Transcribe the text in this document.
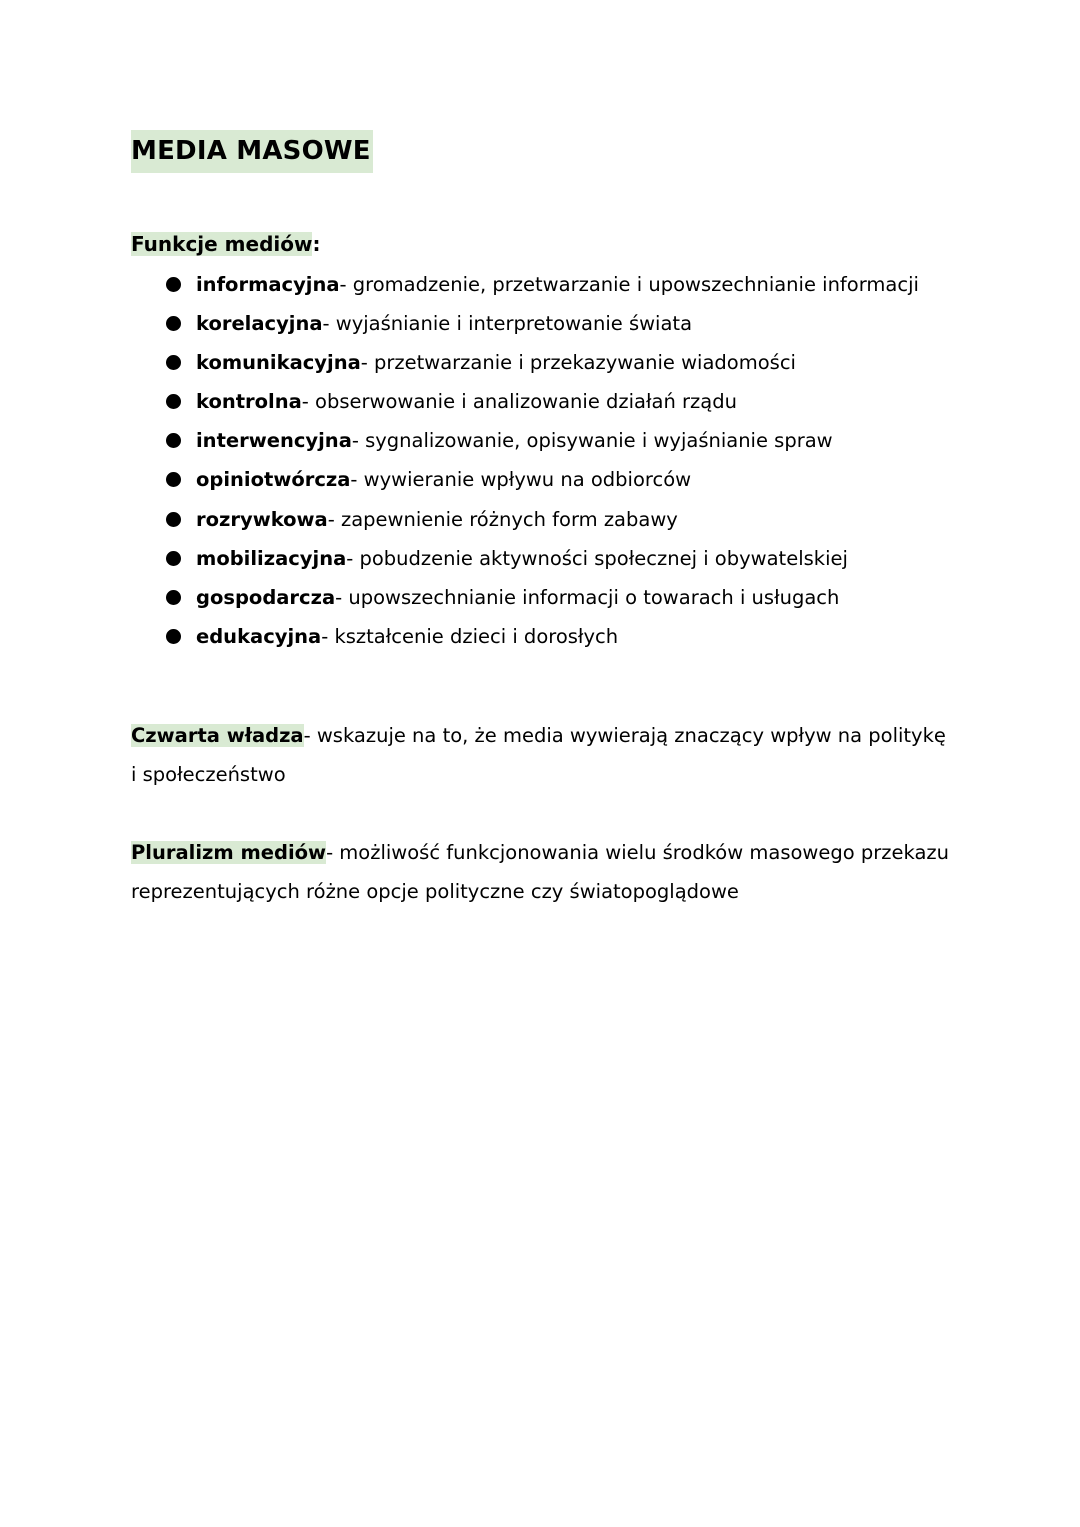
MEDIA MASOWE
Funkcje mediów:
informacyjna- gromadzenie, przetwarzanie i upowszechnianie informacji
korelacyjna- wyjaśnianie i interpretowanie świata
komunikacyjna- przetwarzanie i przekazywanie wiadomości
kontrolna- obserwowanie i analizowanie działań rządu
interwencyjna- sygnalizowanie, opisywanie i wyjaśnianie spraw
opiniotwórcza- wywieranie wpływu na odbiorców
rozrywkowa- zapewnienie różnych form zabawy
mobilizacyjna- pobudzenie aktywności społecznej i obywatelskiej
gospodarcza- upowszechnianie informacji o towarach i usługach
edukacyjna- kształcenie dzieci i dorosłych

Czwarta władza- wskazuje na to, że media wywierają znaczący wpływ na politykę i społeczeństwo

Pluralizm mediów- możliwość funkcjonowania wielu środków masowego przekazu reprezentujących różne opcje polityczne czy światopoglądowe
